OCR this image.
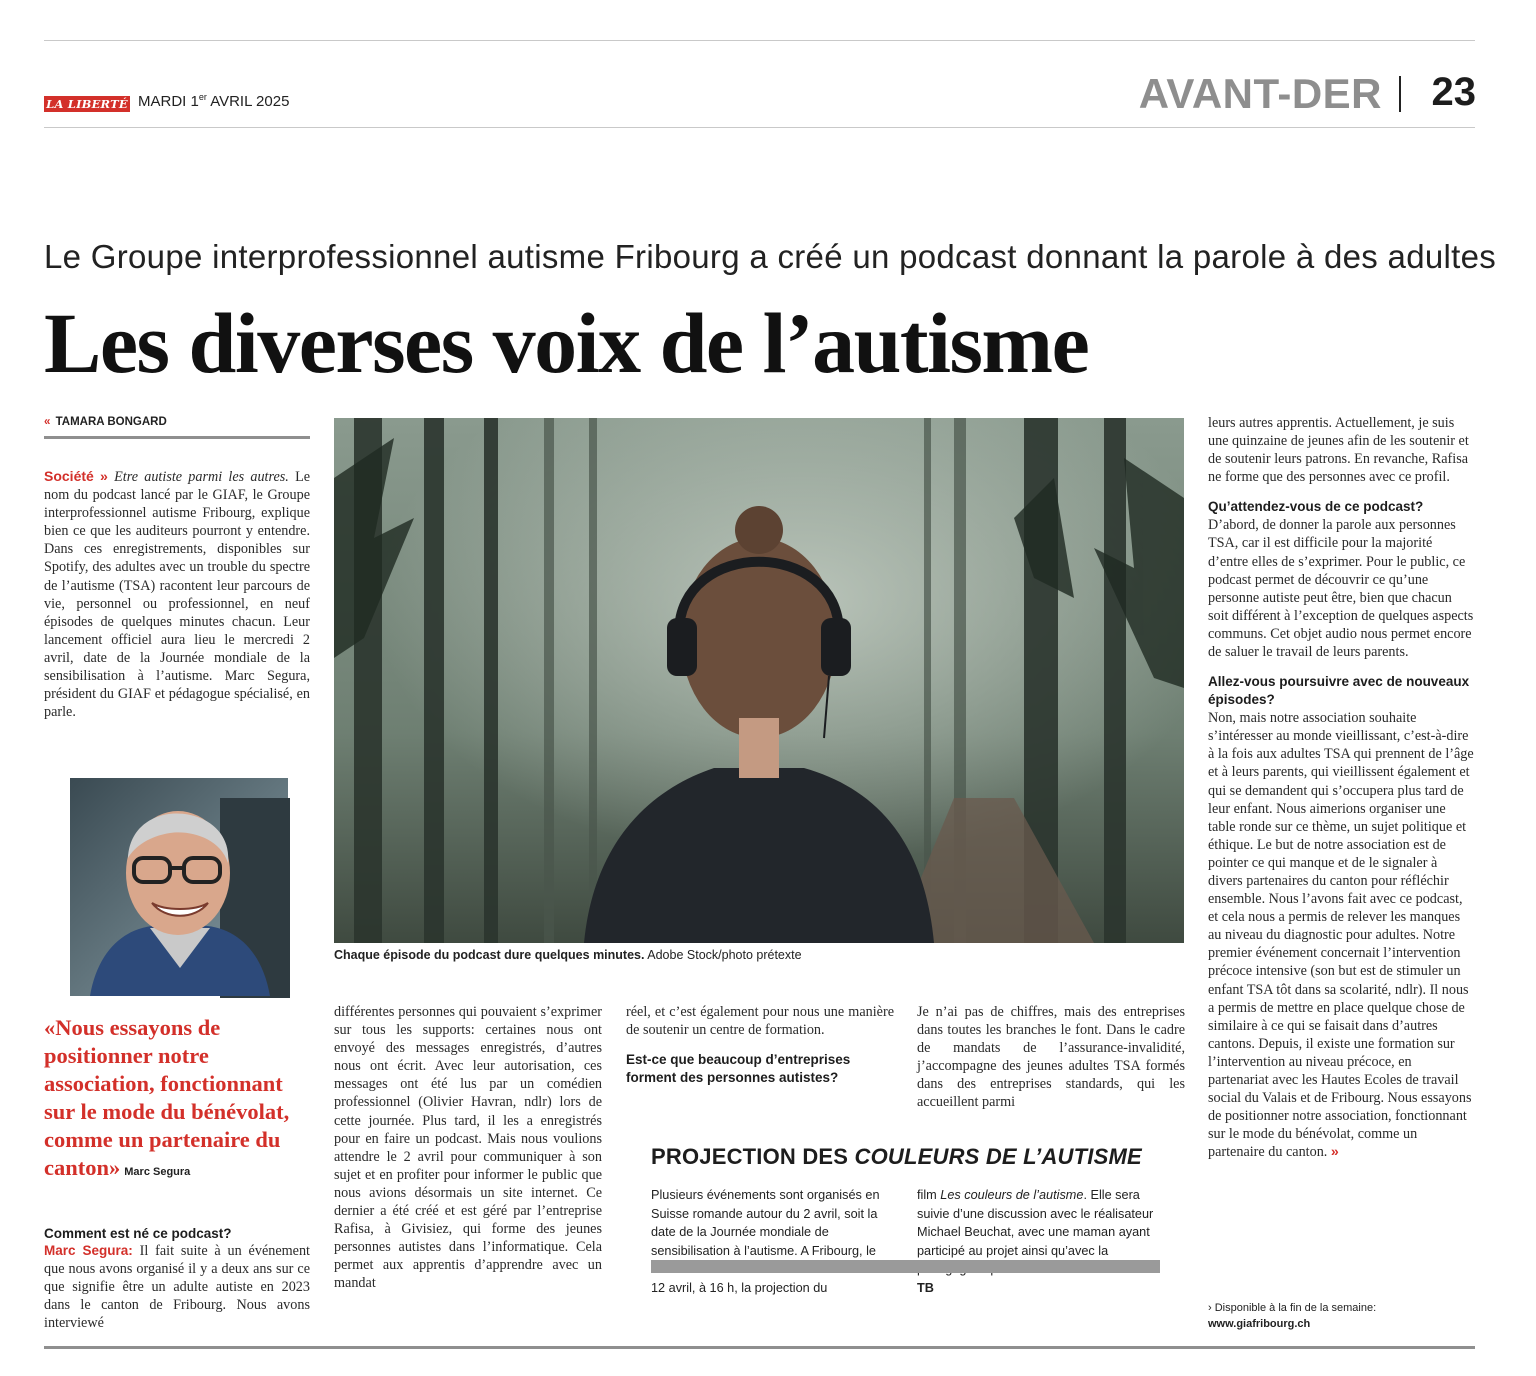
LA LIBERTÉ MARDI 1er AVRIL 2025	AVANT-DER	23
Le Groupe interprofessionnel autisme Fribourg a créé un podcast donnant la parole à des adultes
Les diverses voix de l’autisme
« TAMARA BONGARD

Société » Etre autiste parmi les autres. Le nom du podcast lancé par le GIAF, le Groupe interprofessionnel autisme Fribourg, explique bien ce que les auditeurs pourront y entendre. Dans ces enregistrements, disponibles sur Spotify, des adultes avec un trouble du spectre de l’autisme (TSA) racontent leur parcours de vie, personnel ou professionnel, en neuf épisodes de quelques minutes chacun. Leur lancement officiel aura lieu le mercredi 2 avril, date de la Journée mondiale de la sensibilisation à l’autisme. Marc Segura, président du GIAF et pédagogue spécialisé, en parle.

Chaque épisode du podcast dure quelques minutes. Adobe Stock/photo prétexte
«Nous essayons de positionner notre association, fonctionnant sur le mode du bénévolat, comme un partenaire du canton» Marc Segura

Comment est né ce podcast?

Marc Segura: Il fait suite à un événement que nous avons organisé il y a deux ans sur ce que signifie être un adulte autiste en 2023 dans le canton de Fribourg. Nous avons interviewé

différentes personnes qui pouvaient s’exprimer sur tous les supports: certaines nous ont envoyé des messages enregistrés, d’autres nous ont écrit. Avec leur autorisation, ces messages ont été lus par un comédien professionnel (Olivier Havran, ndlr) lors de cette journée. Plus tard, il les a enregistrés pour en faire un podcast. Mais nous voulions attendre le 2 avril pour communiquer à son sujet et en profiter pour informer le public que nous avions désormais un site internet. Ce dernier a été créé et est géré par l’entreprise Rafisa, à Givisiez, qui forme des jeunes personnes autistes dans l’informatique. Cela permet aux apprentis d’apprendre avec un mandat

réel, et c’est également pour nous une manière de soutenir un centre de formation.

Est-ce que beaucoup d’entreprises forment des personnes autistes?

Je n’ai pas de chiffres, mais des entreprises dans toutes les branches le font. Dans le cadre de mandats de l’assurance-invalidité, j’accompagne des jeunes adultes TSA formés dans des entreprises standards, qui les accueillent parmi

PROJECTION DES COULEURS DE L’AUTISME
Plusieurs événements sont organisés en Suisse romande autour du 2 avril, soit la date de la Journée mondiale de sensibilisation à l’autisme. A Fribourg, le 12 avril, à 16 h, la projection du
film Les couleurs de l’autisme. Elle sera suivie d’une discussion avec le réalisateur Michael Beuchat, avec une maman ayant participé au projet ainsi qu’avec la TB

leurs autres apprentis. Actuellement, je suis une quinzaine de jeunes afin de les soutenir et de soutenir leurs patrons. En revanche, Rafisa ne forme que des personnes avec ce profil.

Qu’attendez-vous de ce podcast?

D’abord, de donner la parole aux personnes TSA, car il est difficile pour la majorité d’entre elles de s’exprimer. Pour le public, ce podcast permet de découvrir ce qu’une personne autiste peut être, bien que chacun soit différent à l’exception de quelques aspects communs. Cet objet audio nous permet encore de saluer le travail de leurs parents.

Allez-vous poursuivre avec de nouveaux épisodes?

Non, mais notre association souhaite s’intéresser au monde vieillissant, c’est-à-dire à la fois aux adultes TSA qui prennent de l’âge et à leurs parents, qui vieillissent également et qui se demandent qui s’occupera plus tard de leur enfant. Nous aimerions organiser une table ronde sur ce thème, un sujet politique et éthique. Le but de notre association est de pointer ce qui manque et de le signaler à divers partenaires du canton pour réfléchir ensemble. Nous l’avons fait avec ce podcast, et cela nous a permis de relever les manques au niveau du diagnostic pour adultes. Notre premier événement concernait l’intervention précoce intensive (son but est de stimuler un enfant TSA tôt dans sa scolarité, ndlr). Il nous a permis de mettre en place quelque chose de similaire à ce qui se faisait dans d’autres cantons. Depuis, il existe une formation sur l’intervention au niveau précoce, en partenariat avec les Hautes Ecoles de travail social du Valais et de Fribourg. Nous essayons de positionner notre association, fonctionnant sur le mode du bénévolat, comme un partenaire du canton. »

› Disponible à la fin de la semaine:
www.giafribourg.ch
